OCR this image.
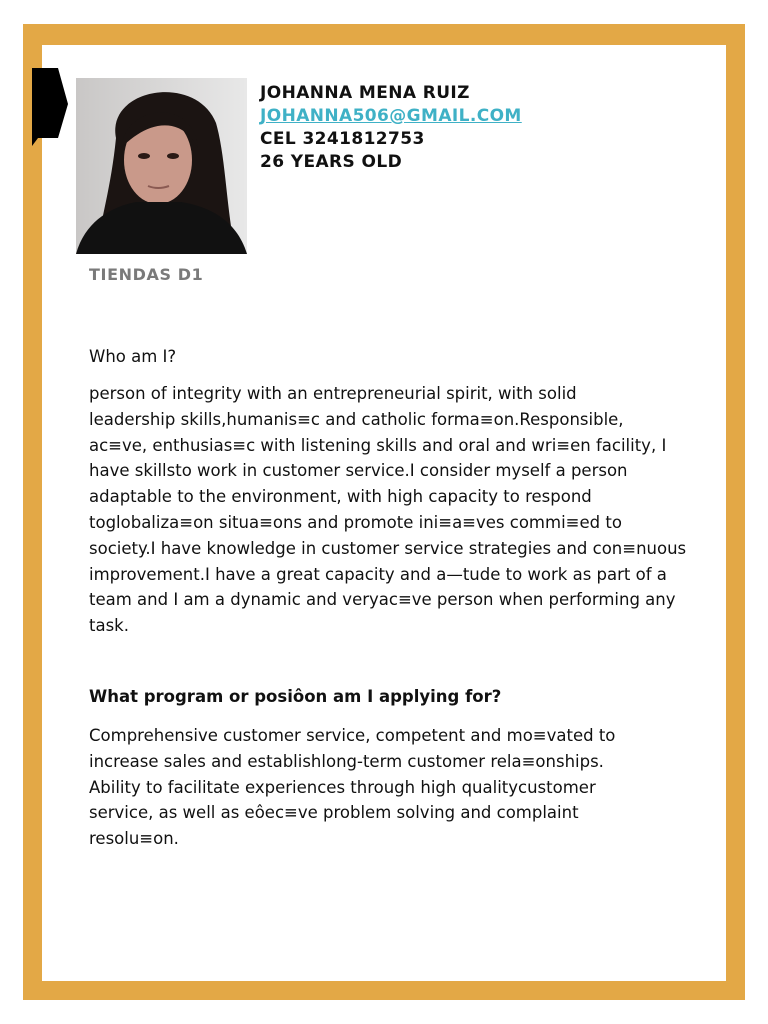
JOHANNA MENA RUIZ
JOHANNA506@GMAIL.COM
CEL 3241812753
26 YEARS OLD
TIENDAS D1
Who am I?
person of integrity with an entrepreneurial spirit, with solid
leadership skills,humanis≡c and catholic forma≡on.Responsible,
ac≡ve, enthusias≡c with listening skills and oral and wri≡en facility, I
have skillsto work in customer service.I consider myself a person
adaptable to the environment, with high capacity to respond
toglobaliza≡on situa≡ons and promote ini≡a≡ves commi≡ed to
society.I have knowledge in customer service strategies and con≡nuous
improvement.I have a great capacity and a—tude to work as part of a
team and I am a dynamic and veryac≡ve person when performing any
task.
What program or posiôon am I applying for?
Comprehensive customer service, competent and mo≡vated to
increase sales and establishlong-term customer rela≡onships.
Ability to facilitate experiences through high qualitycustomer
service, as well as eôec≡ve problem solving and complaint
resolu≡on.
